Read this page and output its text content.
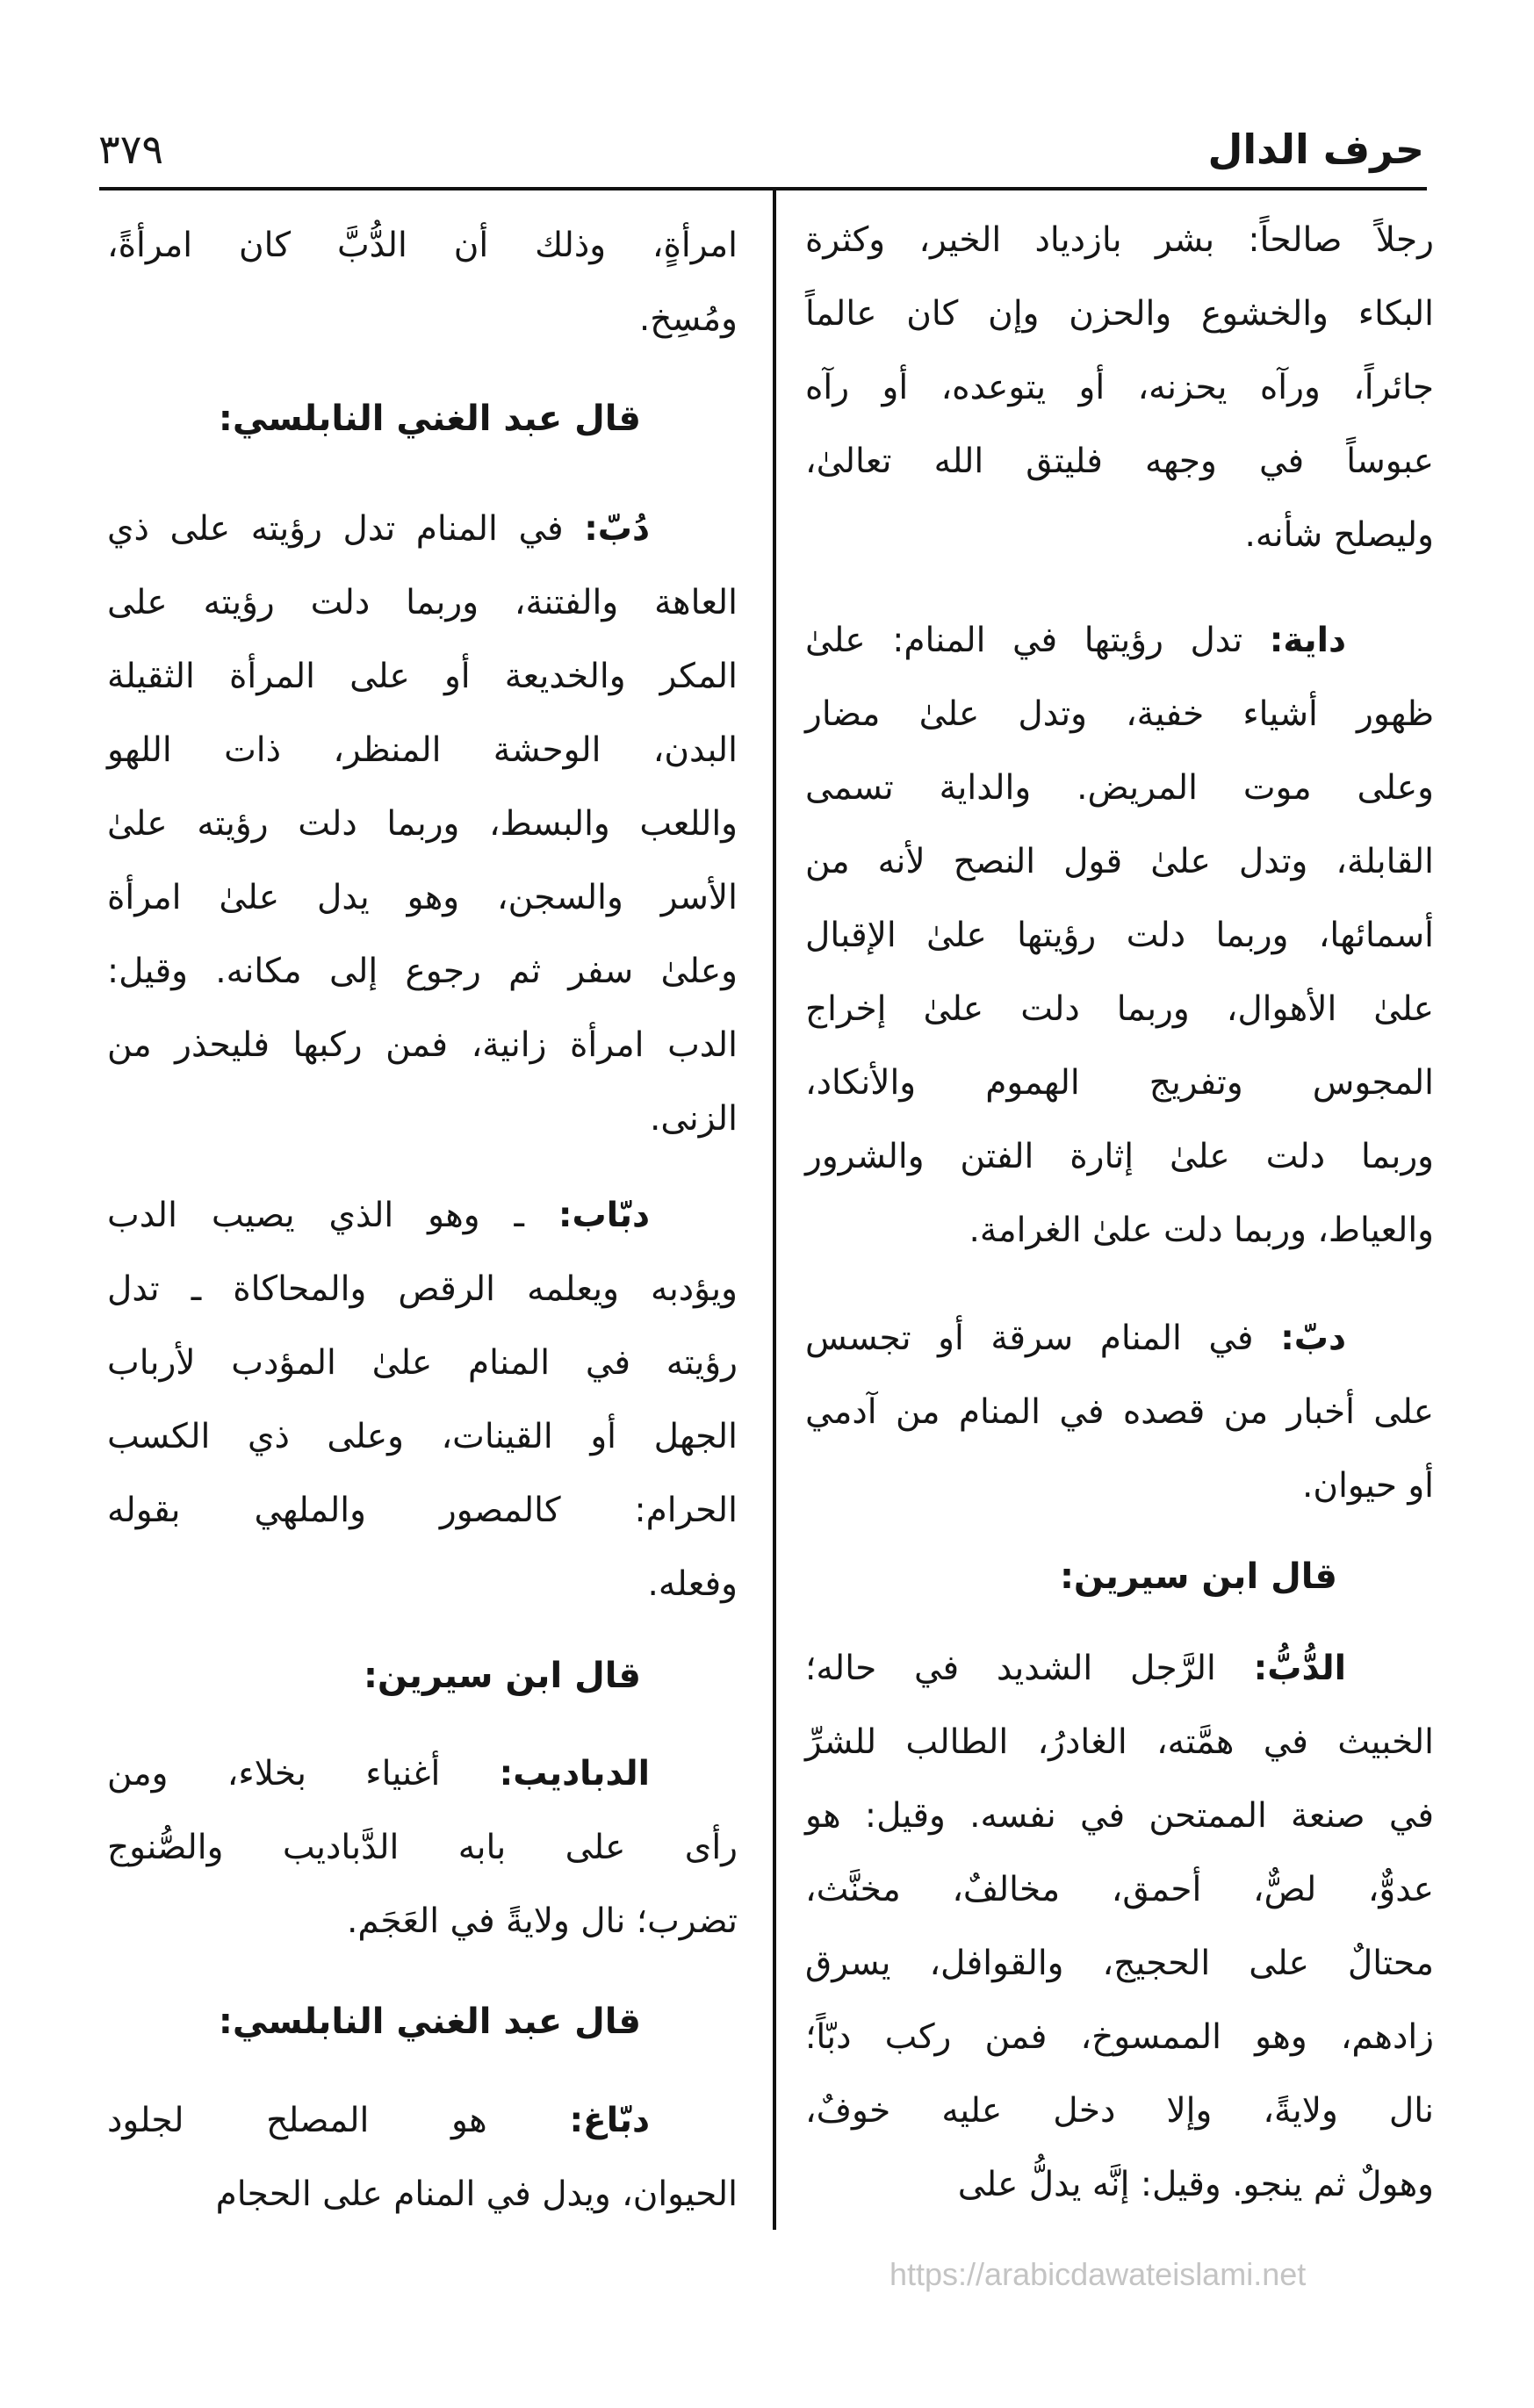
٣٧٩	حرف الدال
رجلاً صالحاً: بشر بازدياد الخير، وكثرة
البكاء والخشوع والحزن وإن كان عالماً
جائراً، ورآه يحزنه، أو يتوعده، أو رآه
عبوساً في وجهه فليتق الله تعالىٰ،
وليصلح شأنه.
داية: تدل رؤيتها في المنام: علىٰ
ظهور أشياء خفية، وتدل علىٰ مضار
وعلى موت المريض. والداية تسمى
القابلة، وتدل علىٰ قول النصح لأنه من
أسمائها، وربما دلت رؤيتها علىٰ الإقبال
علىٰ الأهوال، وربما دلت علىٰ إخراج
المجوس وتفريج الهموم والأنكاد،
وربما دلت علىٰ إثارة الفتن والشرور
والعياط، وربما دلت علىٰ الغرامة.
دبّ: في المنام سرقة أو تجسس
على أخبار من قصده في المنام من آدمي
أو حيوان.
قال ابن سيرين:
الدُّبُّ: الرَّجل الشديد في حاله؛
الخبيث في همَّته، الغادرُ، الطالب للشرِّ
في صنعة الممتحن في نفسه. وقيل: هو
عدوٌّ، لصٌّ، أحمق، مخالفٌ، مخنَّث،
محتالٌ على الحجيج، والقوافل، يسرق
زادهم، وهو الممسوخ، فمن ركب دبّاً؛
نال ولايةً، وإلا دخل عليه خوفٌ،
وهولٌ ثم ينجو. وقيل: إنَّه يدلُّ على
امرأةٍ، وذلك أن الدُّبَّ كان امرأةً،
ومُسِخ.
قال عبد الغني النابلسي:
دُبّ: في المنام تدل رؤيته على ذي
العاهة والفتنة، وربما دلت رؤيته على
المكر والخديعة أو على المرأة الثقيلة
البدن، الوحشة المنظر، ذات اللهو
واللعب والبسط، وربما دلت رؤيته علىٰ
الأسر والسجن، وهو يدل علىٰ امرأة
وعلىٰ سفر ثم رجوع إلى مكانه. وقيل:
الدب امرأة زانية، فمن ركبها فليحذر من
الزنى.
دبّاب: ـ وهو الذي يصيب الدب
ويؤدبه ويعلمه الرقص والمحاكاة ـ تدل
رؤيته في المنام علىٰ المؤدب لأرباب
الجهل أو القينات، وعلى ذي الكسب
الحرام: كالمصور والملهي بقوله
وفعله.
قال ابن سيرين:
الدباديب: أغنياء بخلاء، ومن
رأى على بابه الدَّباديب والصُّنوج
تضرب؛ نال ولايةً في العَجَم.
قال عبد الغني النابلسي:
دبّاغ: هو المصلح لجلود
الحيوان، ويدل في المنام على الحجام
https://arabicdawateislami.net
